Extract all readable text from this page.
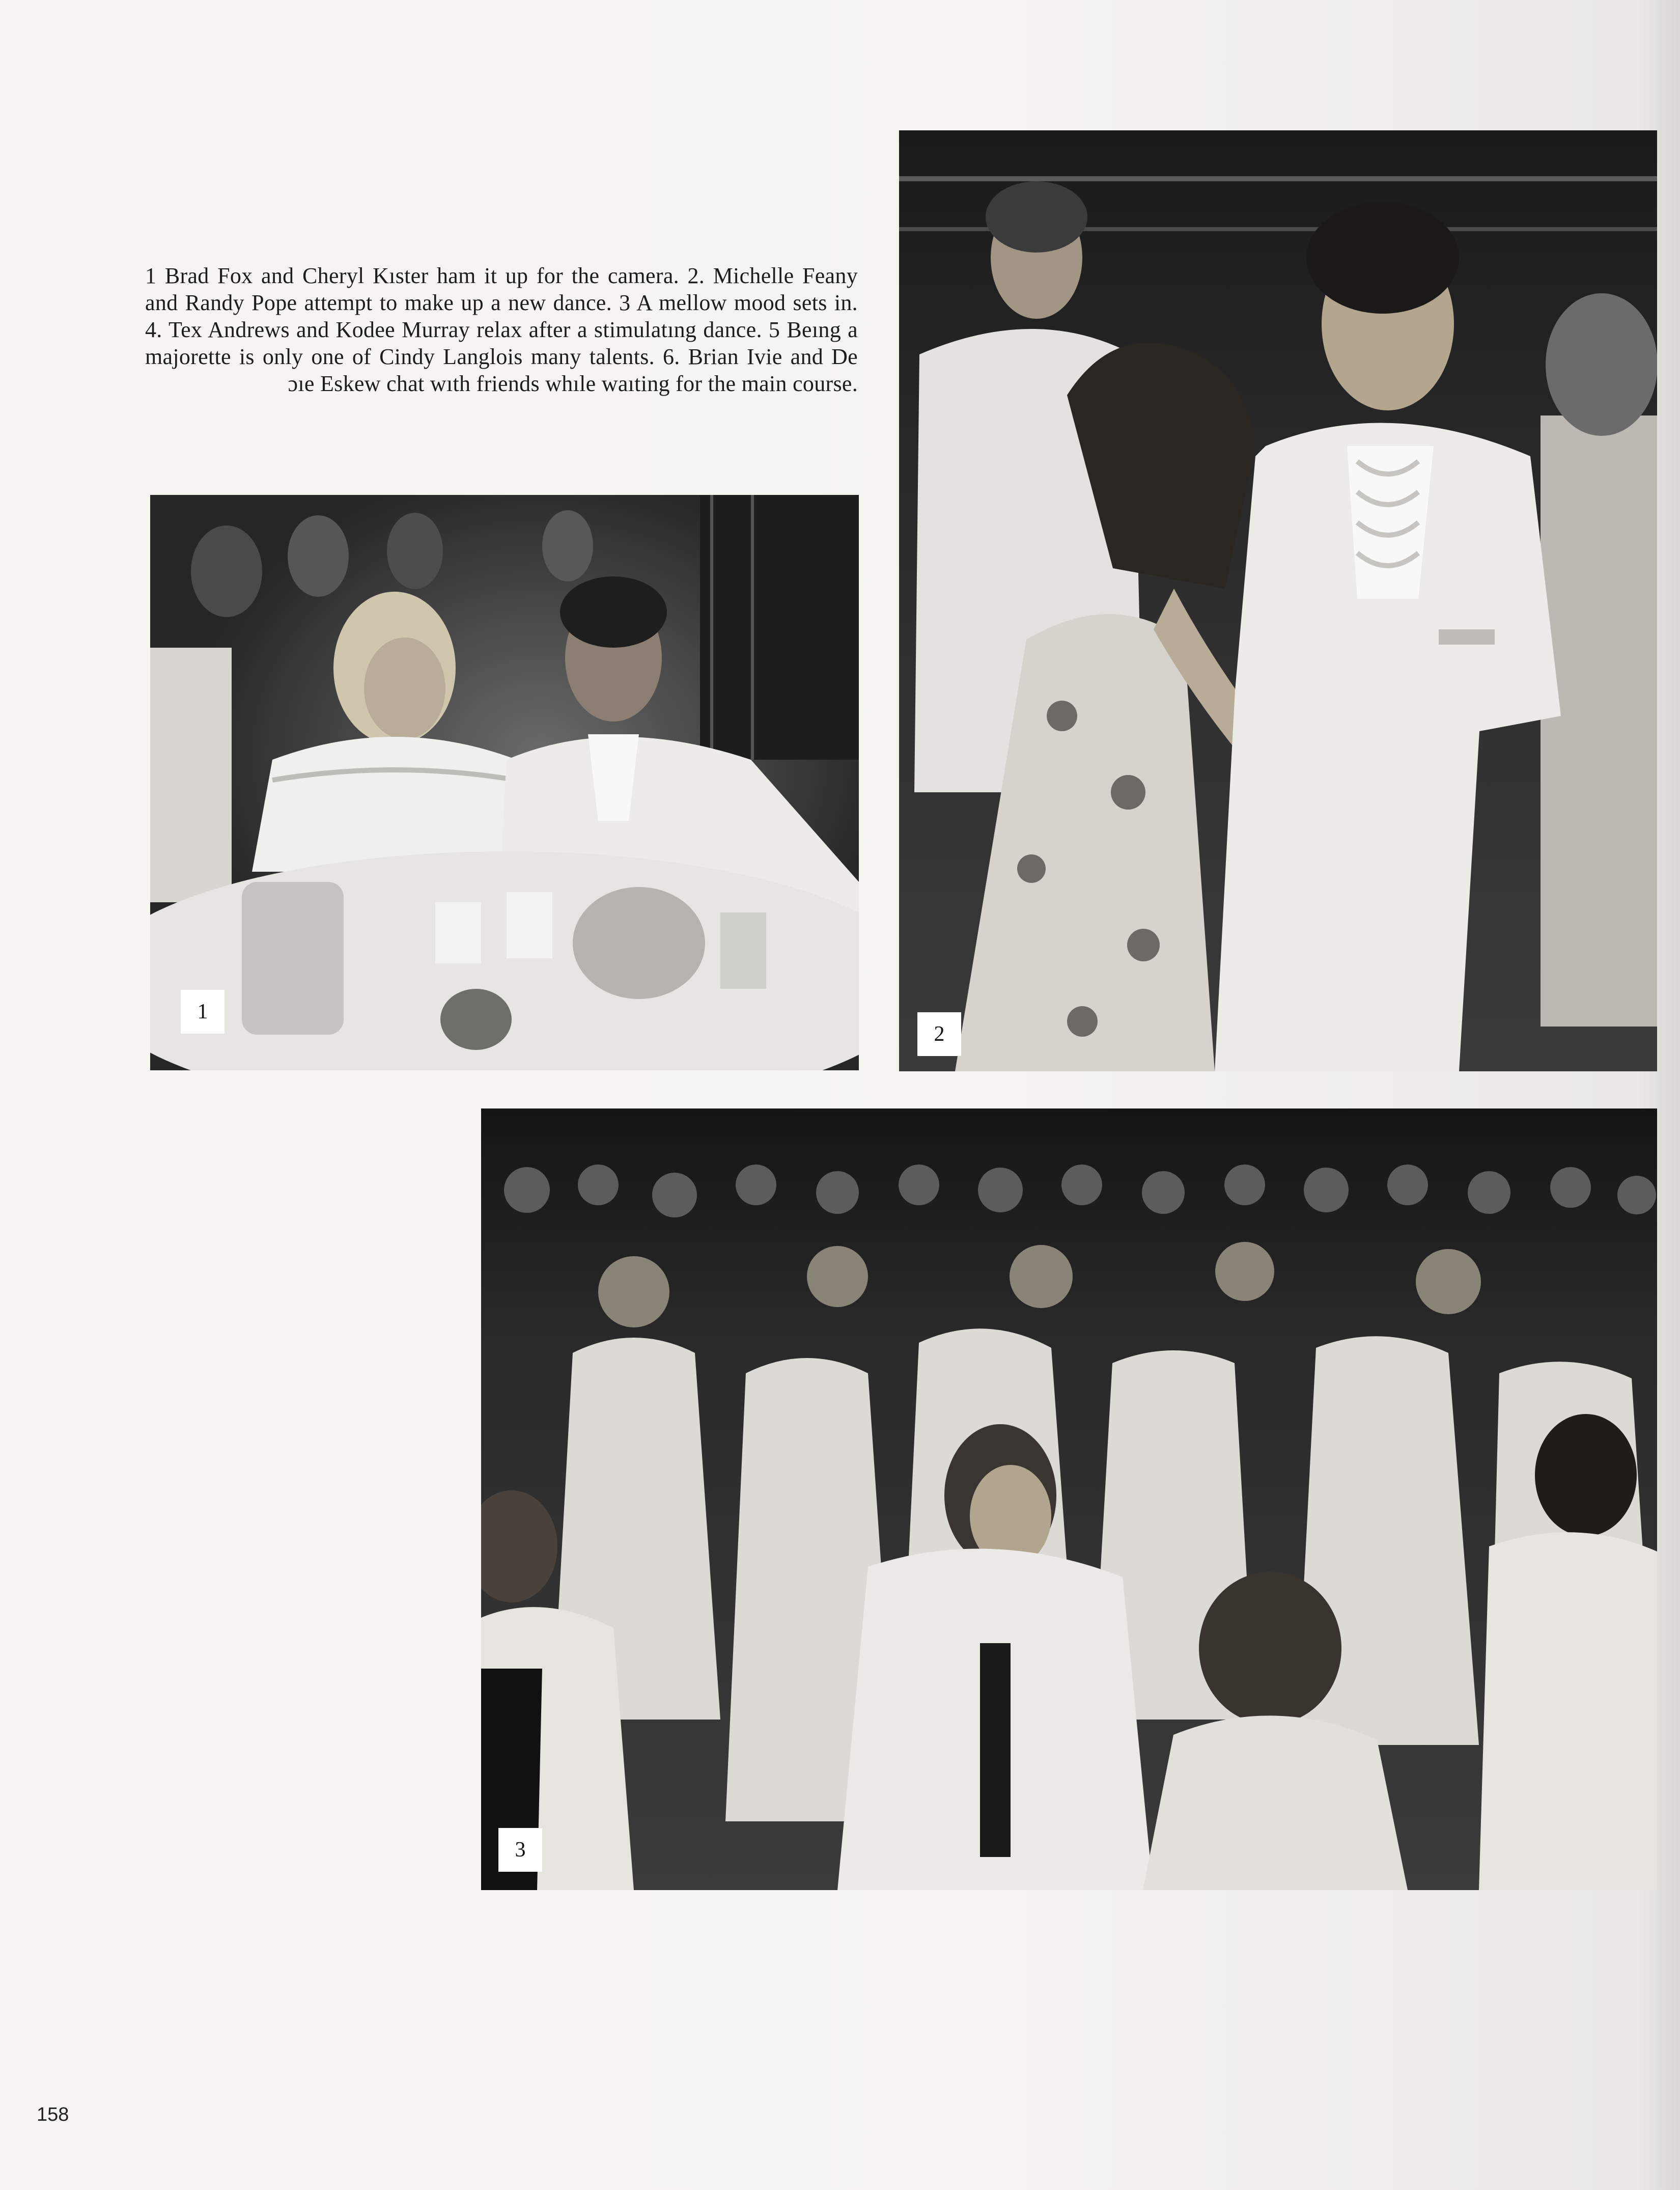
1 Brad Fox and Cheryl Kıster ham it up for the camera. 2. Michelle Feany and Randy Pope attempt to make up a new dance. 3 A mellow mood sets in. 4. Tex Andrews and Kodee Murray relax after a stimulatıng dance. 5 Beıng a majorette is only one of Cindy Langlois many talents. 6. Brian Ivie and De ɔıe Eskew chat wıth friends whıle waıting for the main course.
1
2
3
158
